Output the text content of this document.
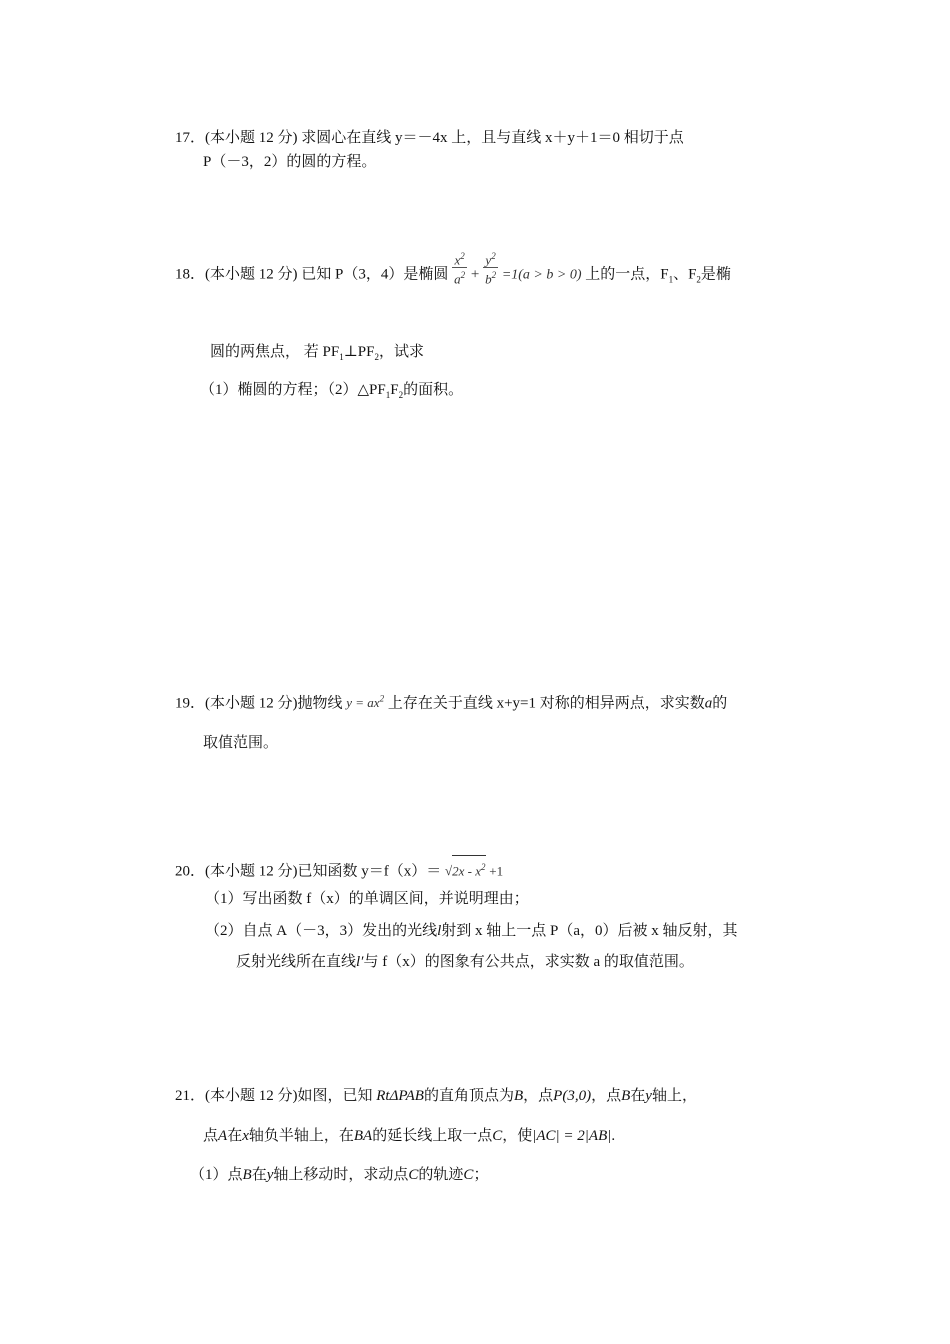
17．(本小题 12 分) 求圆心在直线 y＝－4x 上，且与直线 x＋y＋1＝0 相切于点
P（－3，2）的圆的方程。
18．(本小题 12 分) 已知 P（3，4）是椭圆 $\frac{x^2}{a^2} + \frac{y^2}{b^2} =1(a > b > 0)$ 上的一点，$F_1$、$F_2$是椭
圆的两焦点， 若 $PF_1\perp PF_2$，试求
（1）椭圆的方程；$(2)\triangle PF_1F_2$的面积。
19．(本小题 12 分)抛物线 $y = ax^2$ 上存在关于直线 x+y=1 对称的相异两点，求实数a的
取值范围。
20．(本小题 12 分)已知函数 $y=f(x)= √2x - x^2 +1$
（1）写出函数 f（x）的单调区间，并说明理由；
（2）自点 A（－3，3）发出的光线l射到 x 轴上一点 P（a，0）后被 x 轴反射，其
反射光线所在直线l′与 f（x）的图象有公共点，求实数 a 的取值范围。
21．(本小题 12 分)如图，已知 RtΔPAB的直角顶点为B，点P(3,0)，点B在y轴上，
点A在x轴负半轴上，在BA的延长线上取一点C，使|AC| = 2|AB|.
（1）点B在y轴上移动时，求动点C的轨迹C；
